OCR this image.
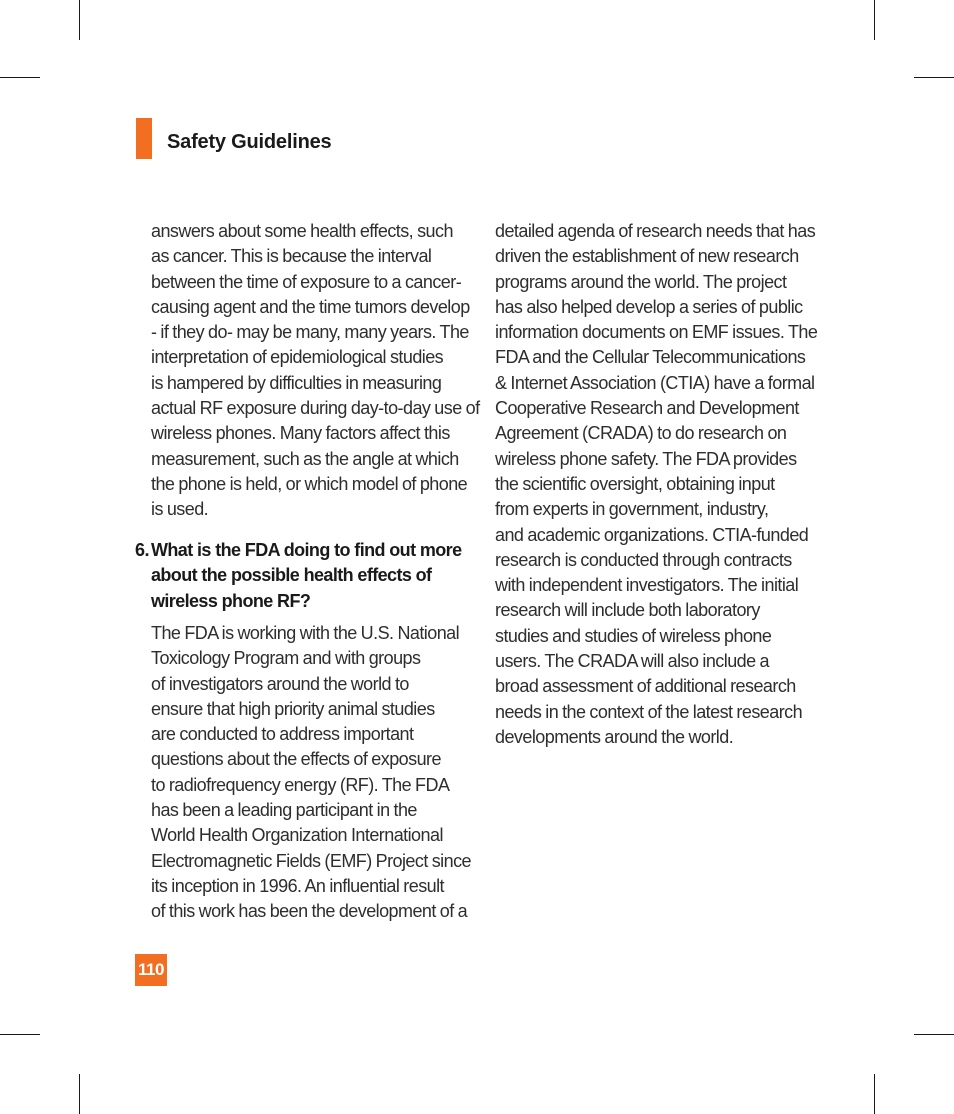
Safety Guidelines
answers about some health effects, such
as cancer. This is because the interval
between the time of exposure to a cancer-
causing agent and the time tumors develop
- if they do- may be many, many years. The
interpretation of epidemiological studies
is hampered by difficulties in measuring
actual RF exposure during day-to-day use of
wireless phones. Many factors affect this
measurement, such as the angle at which
the phone is held, or which model of phone
is used.
6. What is the FDA doing to find out more
about the possible health effects of
wireless phone RF?
The FDA is working with the U.S. National
Toxicology Program and with groups
of investigators around the world to
ensure that high priority animal studies
are conducted to address important
questions about the effects of exposure
to radiofrequency energy (RF). The FDA
has been a leading participant in the
World Health Organization International
Electromagnetic Fields (EMF) Project since
its inception in 1996. An influential result
of this work has been the development of a
detailed agenda of research needs that has
driven the establishment of new research
programs around the world. The project
has also helped develop a series of public
information documents on EMF issues. The
FDA and the Cellular Telecommunications
& Internet Association (CTIA) have a formal
Cooperative Research and Development
Agreement (CRADA) to do research on
wireless phone safety. The FDA provides
the scientific oversight, obtaining input
from experts in government, industry,
and academic organizations. CTIA-funded
research is conducted through contracts
with independent investigators. The initial
research will include both laboratory
studies and studies of wireless phone
users. The CRADA will also include a
broad assessment of additional research
needs in the context of the latest research
developments around the world.
110
